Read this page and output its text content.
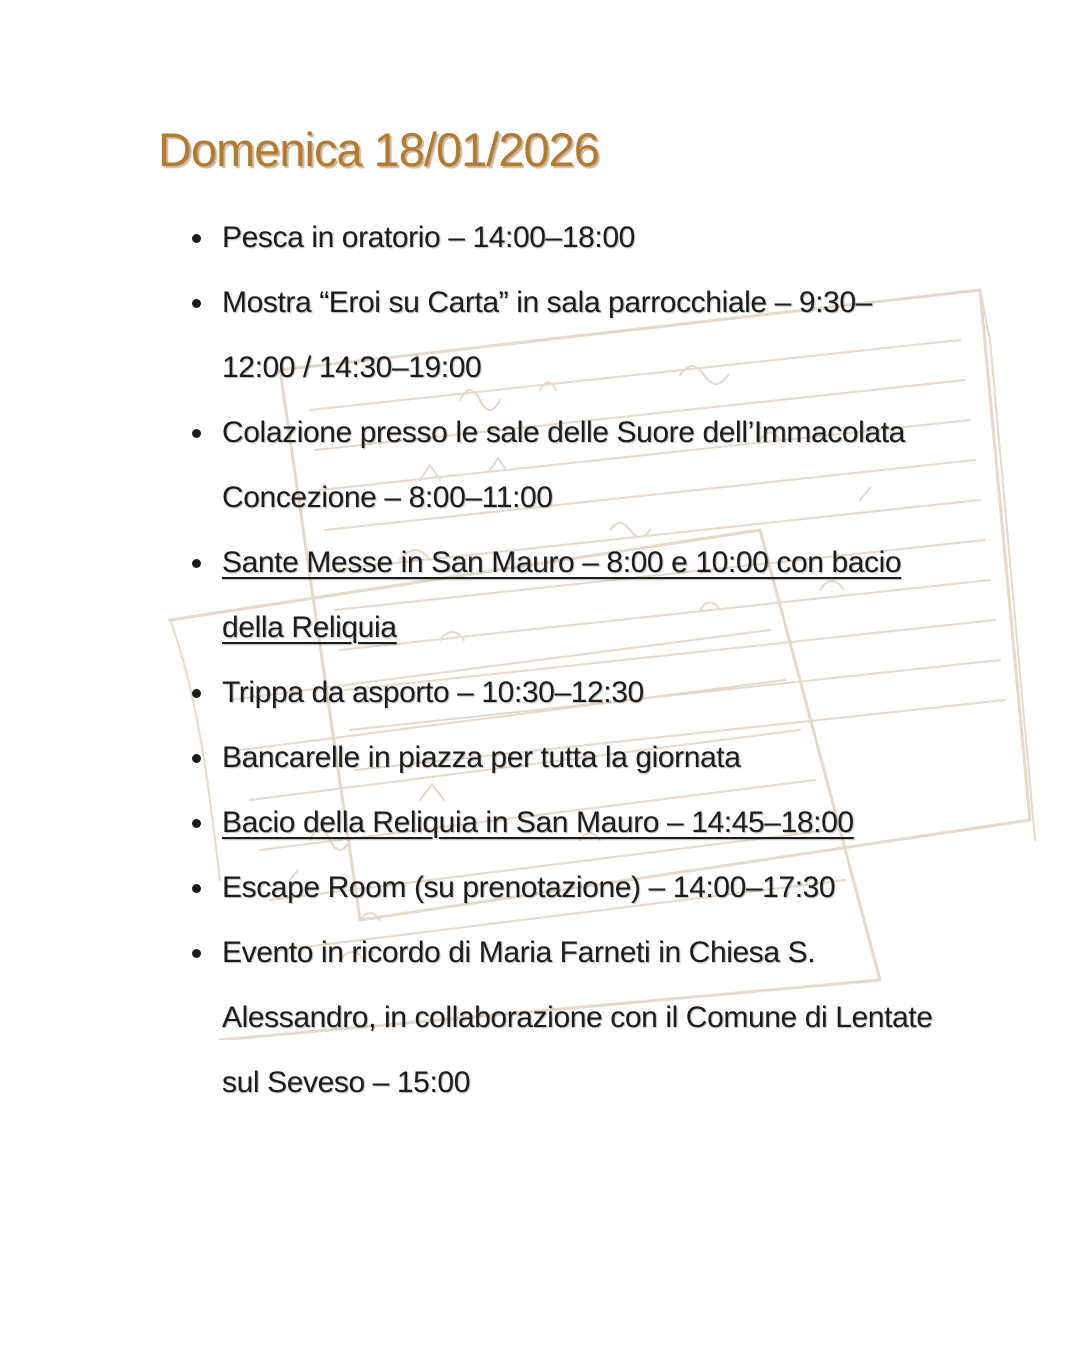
Domenica 18/01/2026
Pesca in oratorio – 14:00–18:00
Mostra “Eroi su Carta” in sala parrocchiale – 9:30–12:00 / 14:30–19:00
Colazione presso le sale delle Suore dell’Immacolata Concezione – 8:00–11:00
Sante Messe in San Mauro – 8:00 e 10:00 con bacio della Reliquia
Trippa da asporto – 10:30–12:30
Bancarelle in piazza per tutta la giornata
Bacio della Reliquia in San Mauro – 14:45–18:00
Escape Room (su prenotazione) – 14:00–17:30
Evento in ricordo di Maria Farneti in Chiesa S. Alessandro, in collaborazione con il Comune di Lentate sul Seveso – 15:00
